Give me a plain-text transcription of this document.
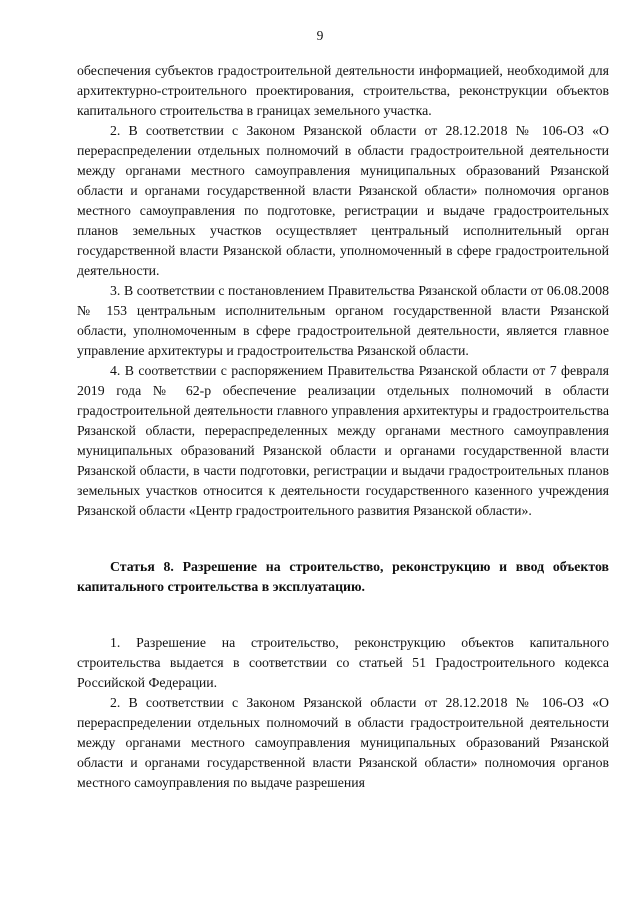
9

обеспечения субъектов градостроительной деятельности информацией, необходимой для архитектурно-строительного проектирования, строительства, реконструкции объектов капитального строительства в границах земельного участка.

2. В соответствии с Законом Рязанской области от 28.12.2018 № 106-ОЗ «О перераспределении отдельных полномочий в области градостроительной деятельности между органами местного самоуправления муниципальных образований Рязанской области и органами государственной власти Рязанской области» полномочия органов местного самоуправления по подготовке, регистрации и выдаче градостроительных планов земельных участков осуществляет центральный исполнительный орган государственной власти Рязанской области, уполномоченный в сфере градостроительной деятельности.

3. В соответствии с постановлением Правительства Рязанской области от 06.08.2008 № 153 центральным исполнительным органом государственной власти Рязанской области, уполномоченным в сфере градостроительной деятельности, является главное управление архитектуры и градостроительства Рязанской области.

4. В соответствии с распоряжением Правительства Рязанской области от 7 февраля 2019 года № 62-р обеспечение реализации отдельных полномочий в области градостроительной деятельности главного управления архитектуры и градостроительства Рязанской области, перераспределенных между органами местного самоуправления муниципальных образований Рязанской области и органами государственной власти Рязанской области, в части подготовки, регистрации и выдачи градостроительных планов земельных участков относится к деятельности государственного казенного учреждения Рязанской области «Центр градостроительного развития Рязанской области».

Статья 8. Разрешение на строительство, реконструкцию и ввод объектов капитального строительства в эксплуатацию.

1. Разрешение на строительство, реконструкцию объектов капитального строительства выдается в соответствии со статьей 51 Градостроительного кодекса Российской Федерации.

2. В соответствии с Законом Рязанской области от 28.12.2018 № 106-ОЗ «О перераспределении отдельных полномочий в области градостроительной деятельности между органами местного самоуправления муниципальных образований Рязанской области и органами государственной власти Рязанской области» полномочия органов местного самоуправления по выдаче разрешения
